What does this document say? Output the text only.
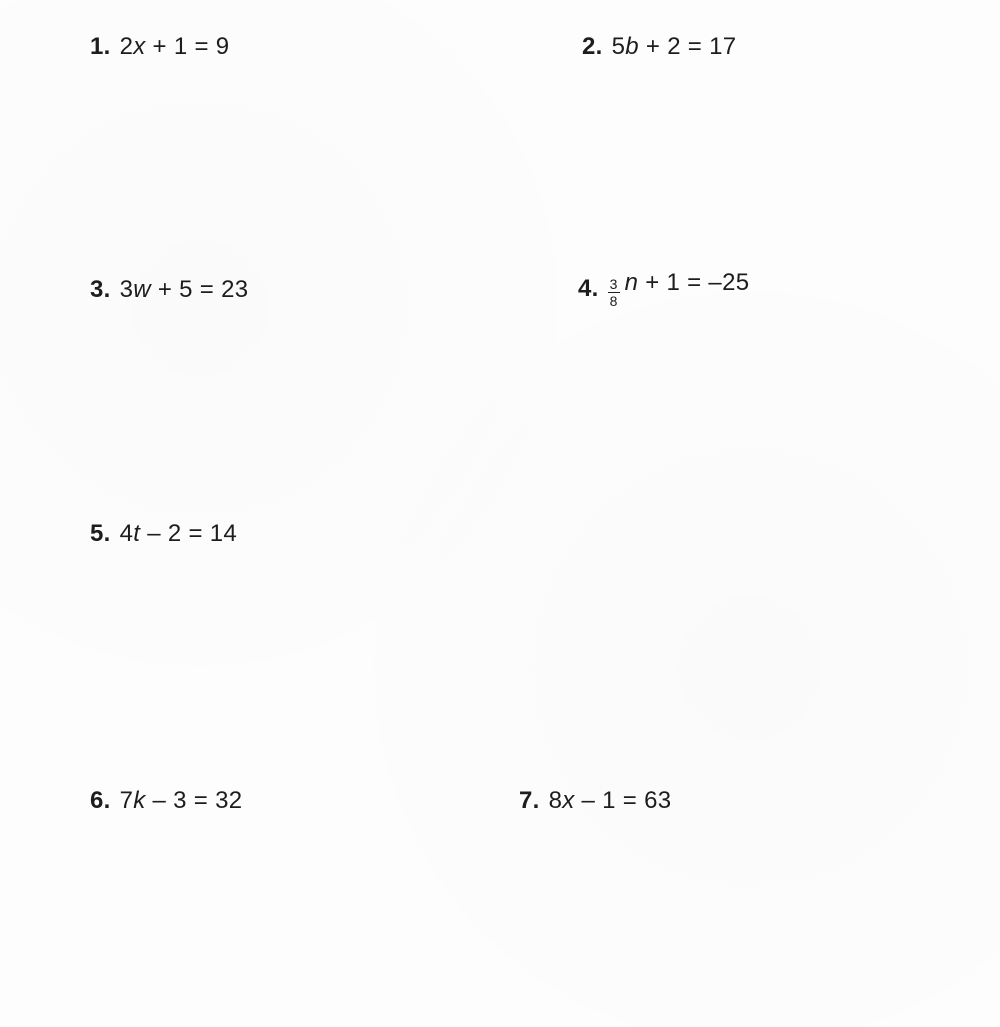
1. 2x + 1 = 9	2. 5b + 2 = 17
3. 3w + 5 = 23	4. $\frac{3}{8}$ n + 1 = –25
5. 4t – 2 = 14
6. 7k – 3 = 32	7. 8x – 1 = 63
